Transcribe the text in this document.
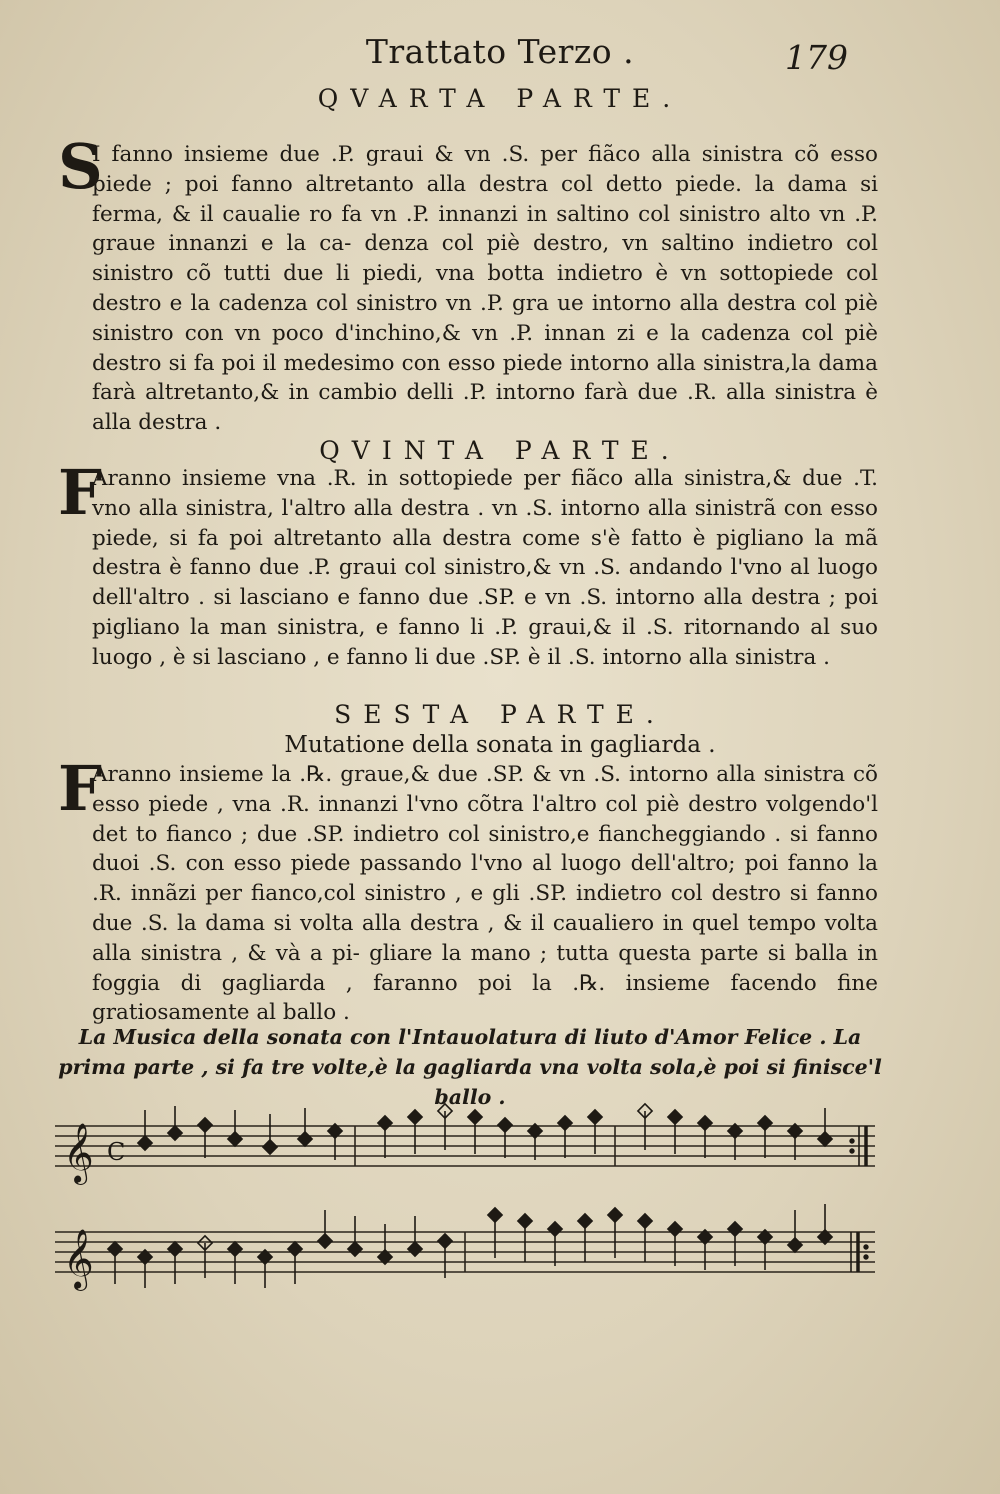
Trattato Terzo .	179
QVARTA PARTE.
S
I fanno insieme due .P. graui & vn .S. per fiãco alla sinistra cõ esso piede ; poi fanno altretanto alla destra col detto piede. la dama si ferma, & il caualie ro fa vn .P. innanzi in saltino col sinistro alto vn .P. graue innanzi e la ca- denza col piè destro, vn saltino indietro col sinistro cõ tutti due li piedi, vna botta indietro è vn sottopiede col destro e la cadenza col sinistro vn .P. gra ue intorno alla destra col piè sinistro con vn poco d'inchino,& vn .P. innan zi e la cadenza col piè destro si fa poi il medesimo con esso piede intorno alla sinistra,la dama farà altretanto,& in cambio delli .P. intorno farà due .R. alla sinistra è alla destra .
QVINTA PARTE.
F
Aranno insieme vna .R. in sottopiede per fiãco alla sinistra,& due .T. vno alla sinistra, l'altro alla destra . vn .S. intorno alla sinistrã con esso piede, si fa poi altretanto alla destra come s'è fatto è pigliano la mã destra è fanno due .P. graui col sinistro,& vn .S. andando l'vno al luogo dell'altro . si lasciano e fanno due .SP. e vn .S. intorno alla destra ; poi pigliano la man sinistra, e fanno li .P. graui,& il .S. ritornando al suo luogo , è si lasciano , e fanno li due .SP. è il .S. intorno alla sinistra .
SESTA PARTE.
Mutatione della sonata in gagliarda .
F
Aranno insieme la .℞. graue,& due .SP. & vn .S. intorno alla sinistra cõ esso piede , vna .R. innanzi l'vno cõtra l'altro col piè destro volgendo'l det to fianco ; due .SP. indietro col sinistro,e fiancheggiando . si fanno duoi .S. con esso piede passando l'vno al luogo dell'altro; poi fanno la .R. innãzi per fianco,col sinistro , e gli .SP. indietro col destro si fanno due .S. la dama si volta alla destra , & il caualiero in quel tempo volta alla sinistra , & và a pi- gliare la mano ; tutta questa parte si balla in foggia di gagliarda , faranno poi la .℞. insieme facendo fine gratiosamente al ballo .
La Musica della sonata con l'Intauolatura di liuto d'Amor Felice . La prima parte , si fa tre volte,è la gagliarda vna volta sola,è poi si finisce'l ballo .
𝄞 C
𝄞
